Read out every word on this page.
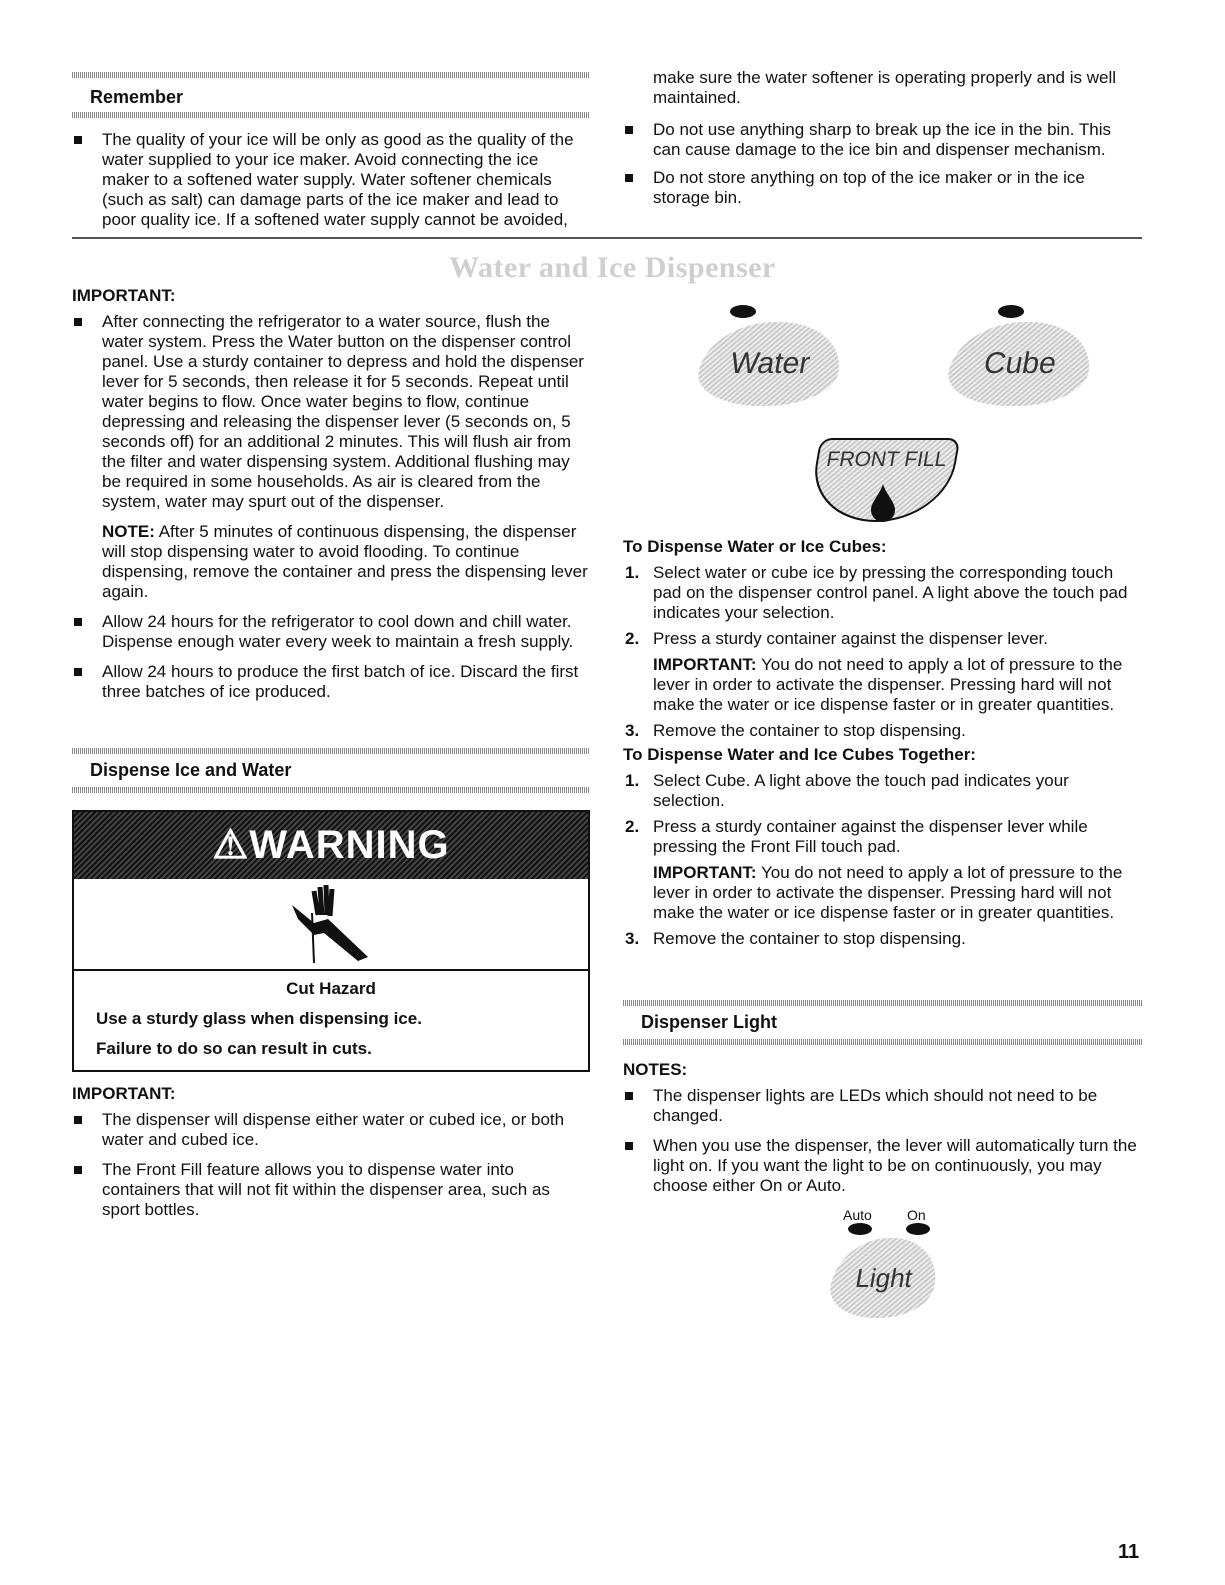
Remember
The quality of your ice will be only as good as the quality of the water supplied to your ice maker. Avoid connecting the ice maker to a softened water supply. Water softener chemicals (such as salt) can damage parts of the ice maker and lead to poor quality ice. If a softened water supply cannot be avoided,

make sure the water softener is operating properly and is well maintained.

Do not use anything sharp to break up the ice in the bin. This can cause damage to the ice bin and dispenser mechanism.
Do not store anything on top of the ice maker or in the ice storage bin.
Water and Ice Dispenser
IMPORTANT:
After connecting the refrigerator to a water source, flush the water system. Press the Water button on the dispenser control panel. Use a sturdy container to depress and hold the dispenser lever for 5 seconds, then release it for 5 seconds. Repeat until water begins to flow. Once water begins to flow, continue depressing and releasing the dispenser lever (5 seconds on, 5 seconds off) for an additional 2 minutes. This will flush air from the filter and water dispensing system. Additional flushing may be required in some households. As air is cleared from the system, water may spurt out of the dispenser.

NOTE: After 5 minutes of continuous dispensing, the dispenser will stop dispensing water to avoid flooding. To continue dispensing, remove the container and press the dispensing lever again.

Allow 24 hours for the refrigerator to cool down and chill water. Dispense enough water every week to maintain a fresh supply.
Allow 24 hours to produce the first batch of ice. Discard the first three batches of ice produced.
Dispense Ice and Water
⚠WARNING
Cut Hazard
Use a sturdy glass when dispensing ice.
Failure to do so can result in cuts.
IMPORTANT:
The dispenser will dispense either water or cubed ice, or both water and cubed ice.
The Front Fill feature allows you to dispense water into containers that will not fit within the dispenser area, such as sport bottles.
Water	Cube
FRONT FILL
To Dispense Water or Ice Cubes:
1. Select water or cube ice by pressing the corresponding touch pad on the dispenser control panel. A light above the touch pad indicates your selection.
2. Press a sturdy container against the dispenser lever.

IMPORTANT: You do not need to apply a lot of pressure to the lever in order to activate the dispenser. Pressing hard will not make the water or ice dispense faster or in greater quantities.

3. Remove the container to stop dispensing.
To Dispense Water and Ice Cubes Together:
1. Select Cube. A light above the touch pad indicates your selection.
2. Press a sturdy container against the dispenser lever while pressing the Front Fill touch pad.

IMPORTANT: You do not need to apply a lot of pressure to the lever in order to activate the dispenser. Pressing hard will not make the water or ice dispense faster or in greater quantities.

3. Remove the container to stop dispensing.
Dispenser Light
NOTES:
The dispenser lights are LEDs which should not need to be changed.
When you use the dispenser, the lever will automatically turn the light on. If you want the light to be on continuously, you may choose either On or Auto.
Auto	On
Light
11
